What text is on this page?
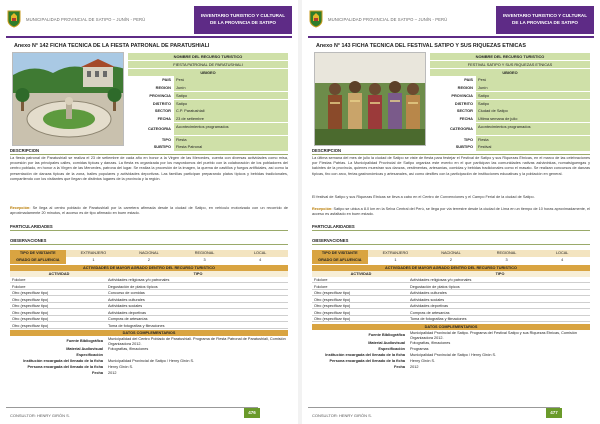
MUNICIPALIDAD PROVINCIAL DE SATIPO – JUNÍN - PERÚ
INVENTARIO TURISTICO Y CULTURAL
DE LA PROVINCIA DE SATIPO
Anexo N° 142 FICHA TECNICA DE LA FIESTA PATRONAL DE PARATUSHIALI
NOMBRE DEL RECURSO TURISTICO
FIESTA PATRONAL DE PARATUSHIALI
UBIGEO
PAIS	Perú
REGION	Junín
PROVINCIA	Satipo
DISTRITO	Satipo
SECTOR	C.P. Paratushiali
FECHA	23 de setiembre
CATEGORIA	Acontecimientos programados
TIPO	Fiesta
SUBTIPO	Fiesta Patronal
DESCRIPCION
La fiesta patronal de Paratushiali se realiza el 23 de setiembre de cada año en honor a la Virgen de las Mercedes, cuenta con diversas actividades como misa, procesión por las principales calles, comidas típicas y danzas. La fiesta es organizada por los mayordomos del pueblo con la colaboración de los pobladores del centro poblado, en honor a la Virgen de las Mercedes, patrona del lugar. Se realiza la procesión de la imagen, la quema de castillos y fuegos artificiales, así como la presentación de danzas típicas de la zona, bailes populares y actividades deportivas. Las familias participan preparando platos típicos y bebidas tradicionales, compartiendo con los visitantes que llegan de distintos lugares de la provincia y la región.
Recepción: Se llega al centro poblado de Paratushiali por la carretera afirmada desde la ciudad de Satipo, en vehículo motorizado con un recorrido de aproximadamente 20 minutos, el acceso es de tipo afirmado en buen estado.
PARTICULARIDADES
OBSERVACIONES
TIPO DE VISITANTE	EXTRANJERO	NACIONAL	REGIONAL	LOCAL
GRADO DE AFLUENCIA	1	2	3	4
ACTIVIDADES DE MAYOR AGRADO DENTRO DEL RECURSO TURISTICO
ACTIVIDAD	TIPO
Folclore	Actividades religiosas y/o patronales
Folclore	Degustación de platos típicos
Otro (especificar tipo)	Concurso de comidas
Otro (especificar tipo)	Actividades culturales
Otro (especificar tipo)	Actividades sociales
Otro (especificar tipo)	Actividades deportivas
Otro (especificar tipo)	Compras de artesanías
Otro (especificar tipo)	Toma de fotografías y filmaciones
DATOS COMPLEMENTARIOS
Fuente Bibliográfica	Municipalidad del Centro Poblado de Paratushiali. Programa de Fiesta Patronal de Paratushiali, Comisión Organizadora 2012.
Material Audiovisual	Fotografías, filmaciones
Especificación
Institución encargada del llenado de la ficha	Municipalidad Provincial de Satipo / Henry Girón S.
Persona encargada del llenado de la ficha	Henry Girón S.
Fecha	2012
CONSULTOR: HENRY GIRÓN S.
476
MUNICIPALIDAD PROVINCIAL DE SATIPO – JUNÍN - PERÚ
INVENTARIO TURISTICO Y CULTURAL
DE LA PROVINCIA DE SATIPO
Anexo N° 143 FICHA TECNICA DEL FESTIVAL SATIPO Y SUS RIQUEZAS ETNICAS
NOMBRE DEL RECURSO TURISTICO
FESTIVAL SATIPO Y SUS RIQUEZAS ETNICAS
UBIGEO
PAIS	Perú
REGION	Junín
PROVINCIA	Satipo
DISTRITO	Satipo
SECTOR	Ciudad de Satipo
FECHA	Ultima semana de julio
CATEGORIA	Acontecimientos programados
TIPO	Fiesta
SUBTIPO	Festival
DESCRIPCION
La última semana del mes de julio la ciudad de Satipo se viste de fiesta para festejar el Festival de Satipo y sus Riquezas Étnicas, en el marco de las celebraciones por Fiestas Patrias. La Municipalidad Provincial de Satipo organiza este evento en el que participan las comunidades nativas asháninkas, nomatsiguengas y kakintes de la provincia, quienes muestran sus danzas, vestimentas, artesanías, comidas y bebidas tradicionales como el masato. Se realizan concursos de danzas típicas, tiro con arco, ferias gastronómicas y artesanales, así como desfiles con la participación de instituciones educativas y la población en general.
El festival de Satipo y sus Riquezas Étnicas se lleva a cabo en el Centro de Convenciones y el Campo Ferial de la ciudad de Satipo.
Recepción: Satipo se ubica a 8.0 km en la Selva Central del Perú, se llega por vía terrestre desde la ciudad de Lima en un tiempo de 10 horas aproximadamente, el acceso es asfaltado en buen estado.
PARTICULARIDADES
OBSERVACIONES
TIPO DE VISITANTE	EXTRANJERO	NACIONAL	REGIONAL	LOCAL
GRADO DE AFLUENCIA	1	2	3	4
ACTIVIDADES DE MAYOR AGRADO DENTRO DEL RECURSO TURISTICO
ACTIVIDAD	TIPO
Folclore	Actividades religiosas y/o patronales
Folclore	Degustación de platos típicos
Otro (especificar tipo)	Actividades culturales
Otro (especificar tipo)	Actividades sociales
Otro (especificar tipo)	Actividades deportivas
Otro (especificar tipo)	Compras de artesanías
Otro (especificar tipo)	Toma de fotografías y filmaciones
DATOS COMPLEMENTARIOS
Fuente Bibliográfica	Municipalidad Provincial de Satipo. Programa del Festival Satipo y sus Riquezas Étnicas, Comisión Organizadora 2012.
Material Audiovisual	Fotografías, filmaciones
Especificación	Programas
Institución encargada del llenado de la ficha	Municipalidad Provincial de Satipo / Henry Girón S.
Persona encargada del llenado de la ficha	Henry Girón S.
Fecha	2012
CONSULTOR: HENRY GIRÓN S.
477
